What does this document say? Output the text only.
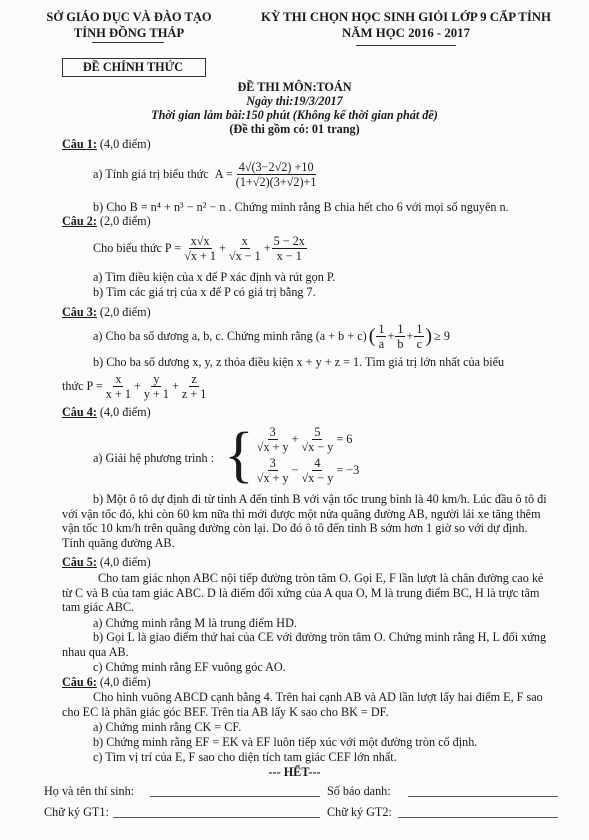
SỞ GIÁO DỤC VÀ ĐÀO TẠO
TỈNH ĐỒNG THÁP
KỲ THI CHỌN HỌC SINH GIỎI LỚP 9 CẤP TỈNH
NĂM HỌC 2016 - 2017
ĐỀ CHÍNH THỨC
ĐỀ THI MÔN:TOÁN
Ngày thi:19/3/2017
Thời gian làm bài:150 phút (Không kể thời gian phát đề)
(Đề thi gồm có: 01 trang)
Câu 1: (4,0 điểm)
a) Tính giá trị biểu thức $A = \frac{4√(3-2√2) +10}{(1+√2)(3+√2)+1}$
b) Cho B = n⁴ + n³ − n² − n . Chứng minh rằng B chia hết cho 6 với mọi số nguyên n.
Câu 2: (2,0 điểm)
Cho biểu thức $P = \frac{x√x}{√x + 1} + \frac{x}{√x - 1} + \frac{5 - 2x}{x - 1}$
a) Tìm điều kiện của x để P xác định và rút gọn P.
b) Tìm các giá trị của x để P có giá trị bằng 7.
Câu 3: (2,0 điểm)
a) Cho ba số dương a, b, c. Chứng minh rằng (a + b + c) ( $\frac{1}{a} + \frac{1}{b} + \frac{1}{c}$ ) ≥ 9
b) Cho ba số dương x, y, z thỏa điều kiện x + y + z = 1. Tìm giá trị lớn nhất của biểu
thức $P = \frac{x}{x + 1} + \frac{y}{y + 1} + \frac{z}{z + 1}$
Câu 4: (4,0 điểm)
a) Giải hệ phương trình : { $\frac{3}{√x + y} + \frac{5}{√x - y} = 6$
$\frac{3}{√x + y} - \frac{4}{√x - y} = -3$
b) Một ô tô dự định đi từ tỉnh A đến tỉnh B với vận tốc trung bình là 40 km/h. Lúc đầu ô tô đi với vận tốc đó, khi còn 60 km nữa thì mới được một nửa quãng đường AB, người lái xe tăng thêm vận tốc 10 km/h trên quãng đường còn lại. Do đó ô tô đến tỉnh B sớm hơn 1 giờ so với dự định. Tính quãng đường AB.
Câu 5: (4,0 điểm)
Cho tam giác nhọn ABC nội tiếp đường tròn tâm O. Gọi E, F lần lượt là chân đường cao kẻ từ C và B của tam giác ABC. D là điểm đối xứng của A qua O, M là trung điểm BC, H là trực tâm tam giác ABC.
a) Chứng minh rằng M là trung điểm HD.
b) Gọi L là giao điểm thứ hai của CE với đường tròn tâm O. Chứng minh rằng H, L đối xứng nhau qua AB.
c) Chứng minh rằng EF vuông góc AO.
Câu 6: (4,0 điểm)
Cho hình vuông ABCD cạnh bằng 4. Trên hai cạnh AB và AD lần lượt lấy hai điểm E, F sao cho EC là phân giác góc BEF. Trên tia AB lấy K sao cho BK = DF.
a) Chứng minh rằng CK = CF.
b) Chứng minh rằng EF = EK và EF luôn tiếp xúc với một đường tròn cố định.
c) Tìm vị trí của E, F sao cho diện tích tam giác CEF lớn nhất.
--- HẾT---
Họ và tên thí sinh:	Số báo danh:
Chữ ký GT1:	Chữ ký GT2:
